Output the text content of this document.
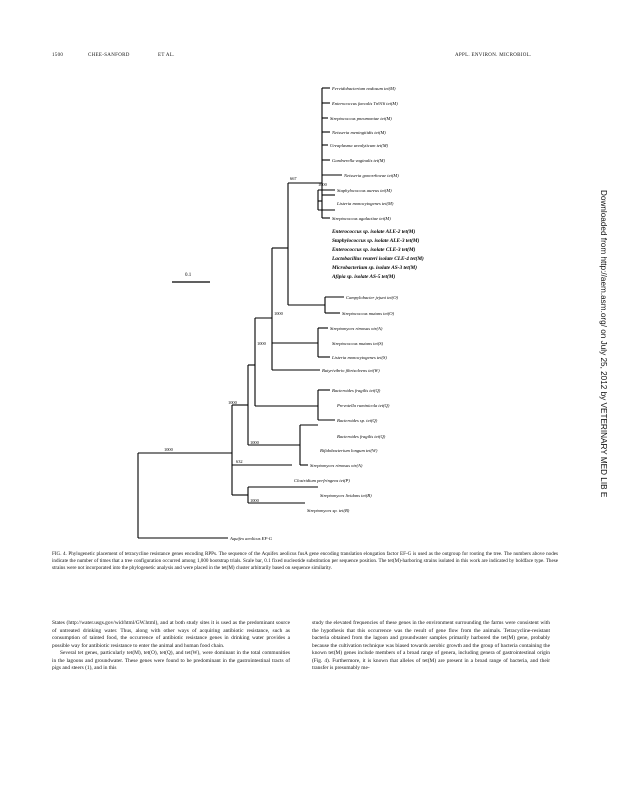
1500	CHEE-SANFORD	ET AL.	APPL. ENVIRON. MICROBIOL.
0.1
1000
667
1000
1000
1000
1000
632
1000
1000
Fervidobacterium nodosum tet(M)
Enterococcus faecalis Tn916 tet(M)
Streptococcus pneumoniae tet(M)
Neisseria meningitidis tet(M)
Ureaplasma urealyticum tet(M)
Gardnerella vaginalis tet(M)
Neisseria gonorrhoeae tet(M)
Staphylococcus aureus tet(M)
Listeria monocytogenes tet(M)
Streptococcus agalactiae tet(M)
Enterococcus sp. isolate ALE-2 tet(M)
Staphylococcus sp. isolate ALE-3 tet(M)
Enterococcus sp. isolate CLE-3 tet(M)
Lactobacillus reuteri isolate CLE-4 tet(M)
Microbacterium sp. isolate AS-3 tet(M)
Afipia sp. isolate AS-5 tet(M)
Campylobacter jejuni tet(O)
Streptococcus mutans tet(O)
Streptomyces rimosus otr(A)
Streptococcus mutans tet(S)
Listeria monocytogenes tet(S)
Butyrivibrio fibrisolvens tet(W)
Bacteroides fragilis tet(Q)
Prevotella ruminicola tet(Q)
Bacteroides sp. tet(Q)
Bacteroides fragilis tet(Q)
Bifidobacterium longum tet(W)
Streptomyces rimosus otr(A)
Clostridium perfringens tet(P)
Streptomyces lividans tet(B)
Streptomyces sp. tet(B)
Aquifex aeolicus EF-G
Downloaded from http://aem.asm.org/ on July 25, 2012 by VETERINARY MED LIB E
FIG. 4. Phylogenetic placement of tetracycline resistance genes encoding RPPs. The sequence of the Aquifex aeolicus fusA gene encoding translation elongation factor EF-G is used as the outgroup for rooting the tree. The numbers above nodes indicate the number of times that a tree configuration occurred among 1,000 bootstrap trials. Scale bar, 0.1 fixed nucleotide substitution per sequence position. The tet(M)-harboring strains isolated in this work are indicated by boldface type. These strains were not incorporated into the phylogenetic analysis and were placed in the tet(M) cluster arbitrarily based on sequence similarity.

States (http://water.usgs.gov/wid/html/GW.html), and at both study sites it is used as the predominant source of untreated drinking water. Thus, along with other ways of acquiring antibiotic resistance, such as consumption of tainted food, the occurrence of antibiotic resistance genes in drinking water provides a possible way for antibiotic resistance to enter the animal and human food chain.

Several tet genes, particularly tet(M), tet(O), tet(Q), and tet(W), were dominant in the total communities in the lagoons and groundwater. These genes were found to be predominant in the gastrointestinal tracts of pigs and steers (1), and in this

study the elevated frequencies of these genes in the environment surrounding the farms were consistent with the hypothesis that this occurrence was the result of gene flow from the animals. Tetracycline-resistant bacteria obtained from the lagoon and groundwater samples primarily harbored the tet(M) gene, probably because the cultivation technique was biased towards aerobic growth and the group of bacteria containing the known tet(M) genes include members of a broad range of genera, including genera of gastrointestinal origin (Fig. 4). Furthermore, it is known that alleles of tet(M) are present in a broad range of bacteria, and their transfer is presumably me-
